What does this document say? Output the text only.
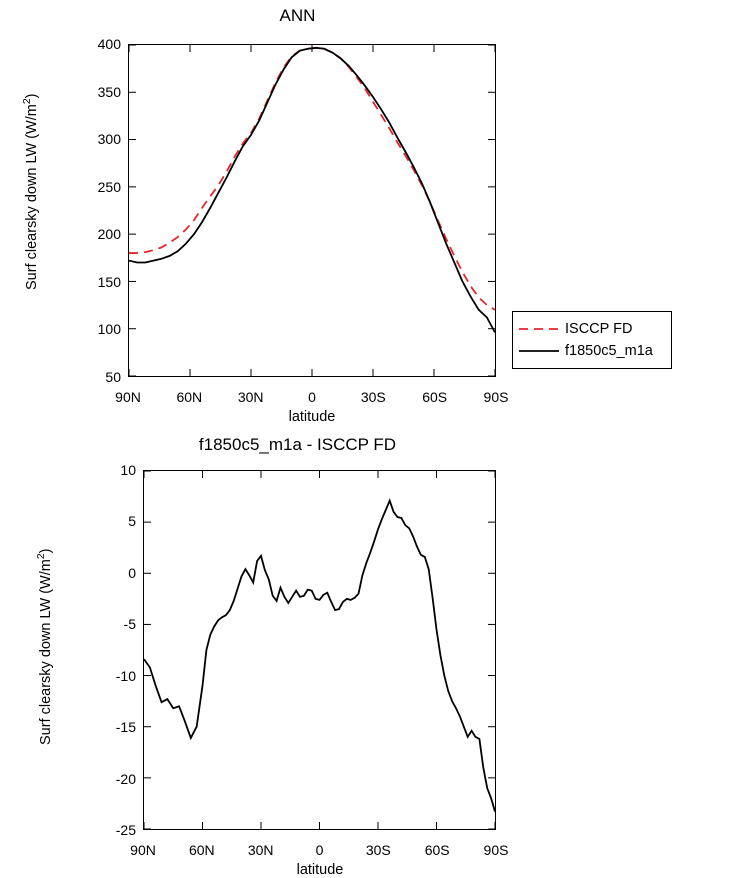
ANN
Surf clearsky down LW $(W/m^2)$
400
350
300
250
200
150
100
50
90N	60N	30N	0	30S	60S	90S
latitude
ISCCP FD
f1850c5_m1a
f1850c5_m1a - ISCCP FD
Surf clearsky down LW $(W/m^2)$
10
5
0
-5
-10
-15
-20
-25
90N 60N 30N	0	30S 60S 90S
latitude
